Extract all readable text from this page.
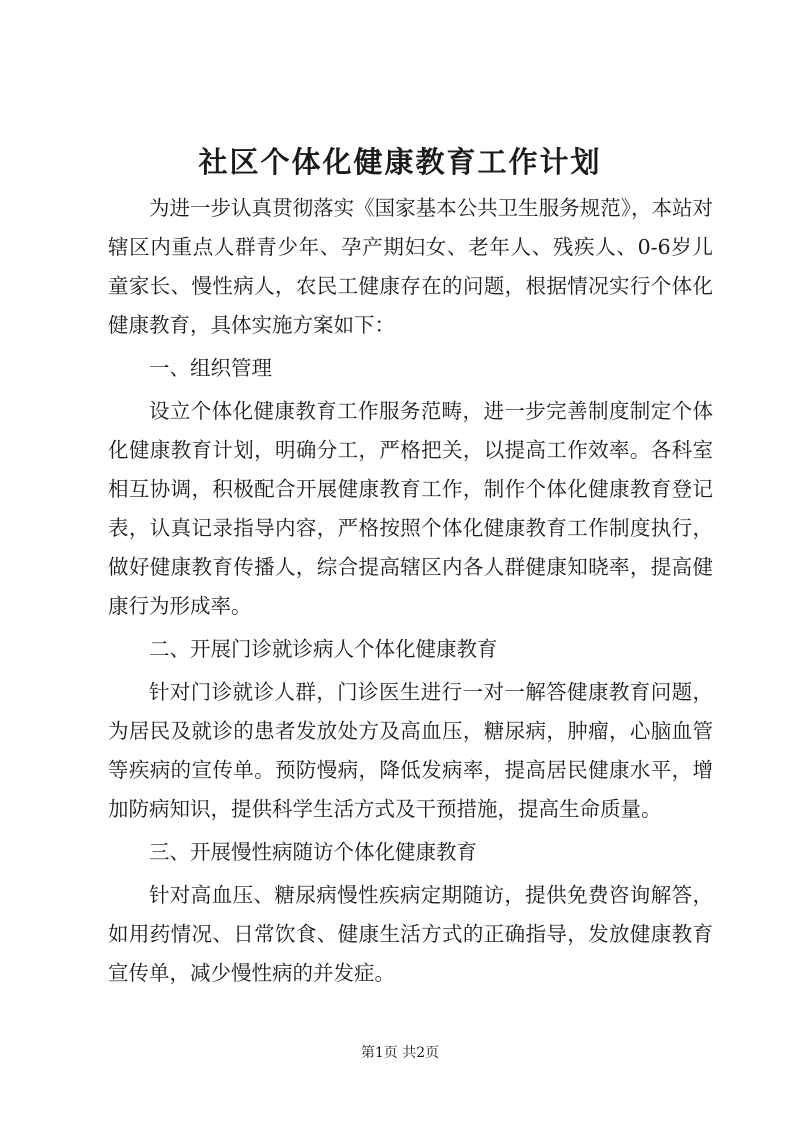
社区个体化健康教育工作计划

为进一步认真贯彻落实《国家基本公共卫生服务规范》，本站对辖区内重点人群青少年、孕产期妇女、老年人、残疾人、0-6岁儿童家长、慢性病人，农民工健康存在的问题，根据情况实行个体化健康教育，具体实施方案如下：

一、组织管理

设立个体化健康教育工作服务范畴，进一步完善制度制定个体化健康教育计划，明确分工，严格把关，以提高工作效率。各科室相互协调，积极配合开展健康教育工作，制作个体化健康教育登记表，认真记录指导内容，严格按照个体化健康教育工作制度执行，做好健康教育传播人，综合提高辖区内各人群健康知晓率，提高健康行为形成率。

二、开展门诊就诊病人个体化健康教育

针对门诊就诊人群，门诊医生进行一对一解答健康教育问题，为居民及就诊的患者发放处方及高血压，糖尿病，肿瘤，心脑血管等疾病的宣传单。预防慢病，降低发病率，提高居民健康水平，增加防病知识，提供科学生活方式及干预措施，提高生命质量。

三、开展慢性病随访个体化健康教育

针对高血压、糖尿病慢性疾病定期随访，提供免费咨询解答，如用药情况、日常饮食、健康生活方式的正确指导，发放健康教育宣传单，减少慢性病的并发症。

第1页 共2页
